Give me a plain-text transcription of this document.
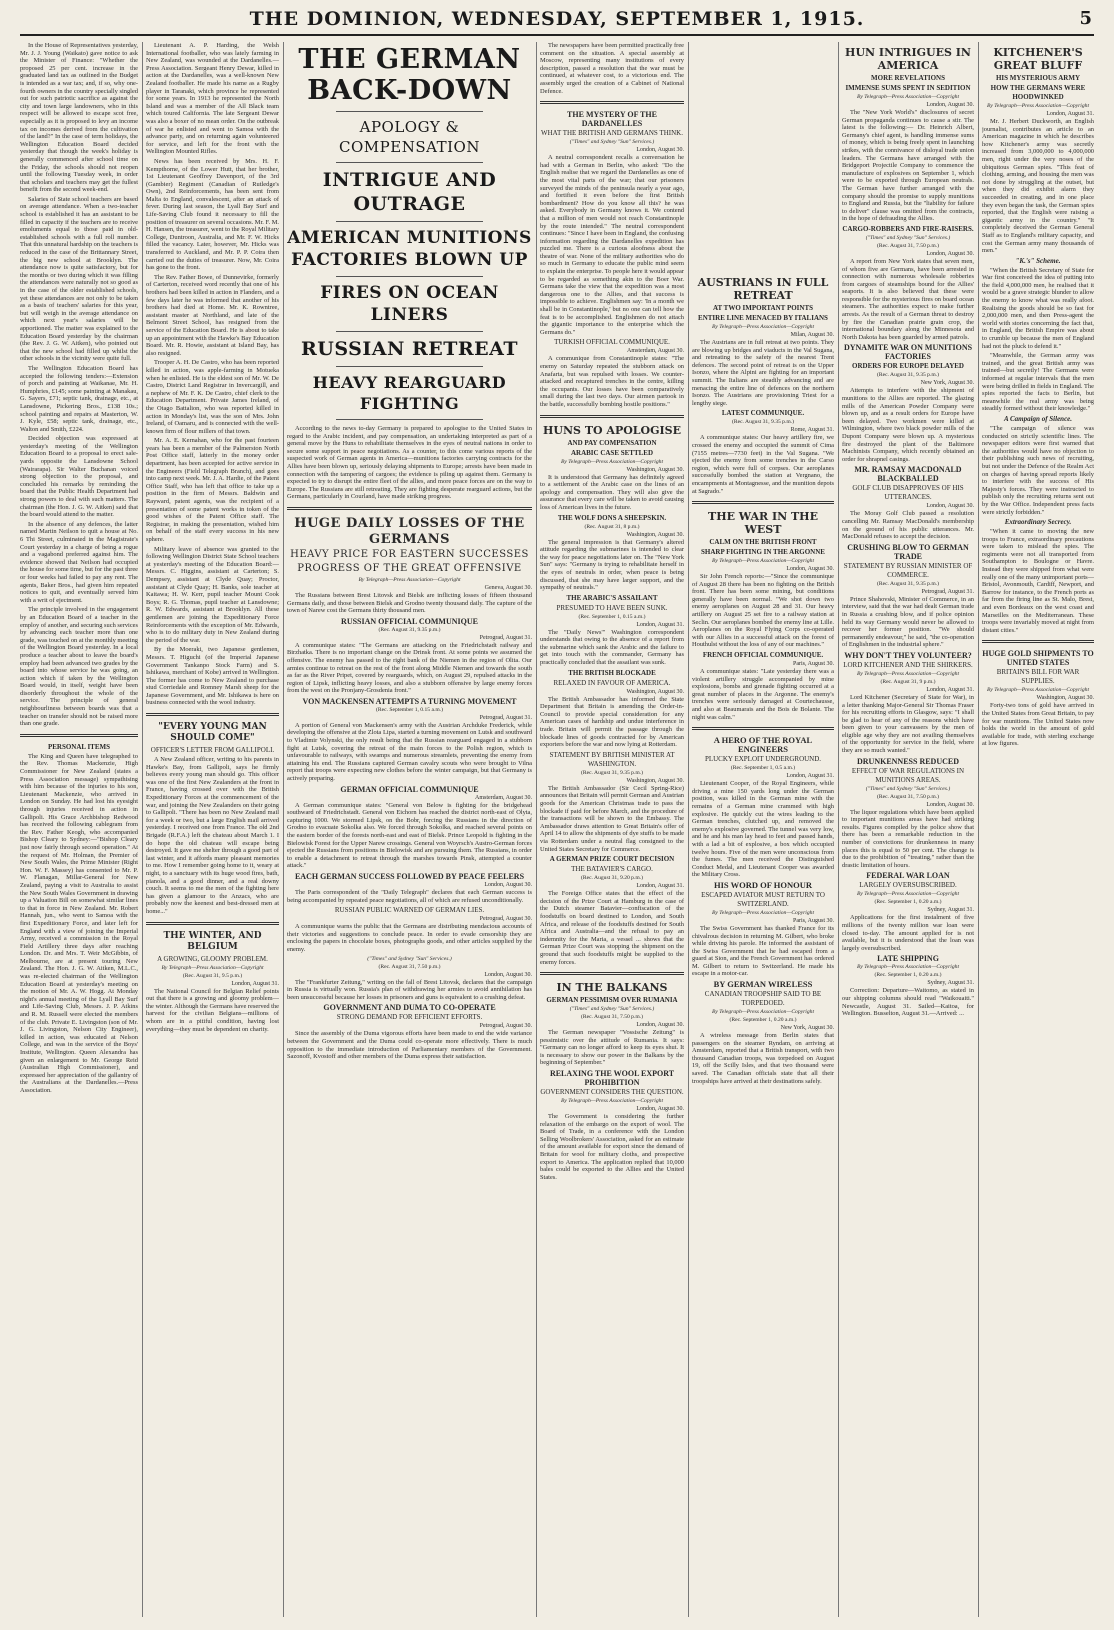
THE DOMINION, WEDNESDAY, SEPTEMBER 1, 1915.	5

In the House of Representatives yesterday, Mr. J. J. Young (Waikato) gave notice to ask the Minister of Finance: "Whether the proposed 25 per cent. increase in the graduated land tax as outlined in the Budget is intended as a war tax; and, if so, why one-fourth owners in the country specially singled out for such patriotic sacrifice as against the city and town large landowners, who in this respect will be allowed to escape scot free, especially as it is proposed to levy an income tax on incomes derived from the cultivation of the land?" In the case of term holidays, the Wellington Education Board decided yesterday that though the week's holiday is generally commenced after school time on the Friday, the schools should not reopen until the following Tuesday week, in order that scholars and teachers may get the fullest benefit from the second week-end.

Salaries of State school teachers are based on average attendance. When a two-teacher school is established it has an assistant to be filled in capacity if the teachers are to receive emoluments equal to those paid in old-established schools with a full roll number. That this unnatural hardship on the teachers is reduced in the case of the Brittannary Street, the big new school at Brooklyn. The attendance now is quite satisfactory, but for the months or two during which it was filling the attendances were naturally not so good as in the case of the older established schools, yet these attendances are not only to be taken as a basis of teachers' salaries for this year, but will weigh in the average attendance on which next year's salaries will be apportioned. The matter was explained to the Education Board yesterday by the chairman (the Rev. J. G. W. Aitken), who pointed out that the new school had filled up whilst the other schools in the vicinity were quite full.

The Wellington Education Board has accepted the following tenders:—Extension of porch and painting at Waikanae, Mr. H. Humphries, £145; some painting at Manakau, G. Sayers, £71; septic tank, drainage, etc., at Lansdowne, Pickering Bros., £138 10s.; school painting and repairs at Masterton, W. J. Kyle, £58; septic tank, drainage, etc., Walton and Smith, £224.

Decided objection was expressed at yesterday's meeting of the Wellington Education Board to a proposal to erect sale-yards opposite the Lansdowne School (Wairarapa). Sir Walter Buchanan voiced strong objection to the proposal, and concluded his remarks by reminding the board that the Public Health Department had strong powers to deal with such matters. The chairman (the Hon. J. G. W. Aitken) said that the board would attend to the matter.

In the absence of any defences, the latter named Martin Neilson to quit a house at No. 6 Thi Street, culminated in the Magistrate's Court yesterday in a charge of being a rogue and a vagabond preferred against him. The evidence showed that Neilson had occupied the house for some time, but for the past three or four weeks had failed to pay any rent. The agents, Baker Bros., had given him repeated notices to quit, and eventually served him with a writ of ejectment.

The principle involved in the engagement by an Education Board of a teacher in the employ of another, and securing such services by advancing each teacher more than one grade, was touched on at the monthly meeting of the Wellington Board yesterday. In a local produce a teacher about to leave the board's employ had been advanced two grades by the board into whose service he was going, an action which if taken by the Wellington Board would, in itself, weight have been disorderly throughout the whole of the service. The principle of general neighbourliness between boards was that a teacher on transfer should not be raised more than one grade.

PERSONAL ITEMS

The King and Queen have telegraphed to the Rev. Thomas Mackenzie, High Commissioner for New Zealand (states a Press Association message) sympathising with him because of the injuries to his son, Lieutenant Mackenzie, who arrived in London on Sunday. He had lost his eyesight through injuries received in action in Gallipoli. His Grace Archbishop Redwood has received the following cablegram from the Rev. Father Keogh, who accompanied Bishop Cleary to Sydney:—"Bishop Cleary just now fairly through second operation." At the request of Mr. Holman, the Premier of New South Wales, the Prime Minister (Right Hon. W. F. Massey) has consented to Mr. P. W. Flanagan, Millar-General for New Zealand, paying a visit to Australia to assist the New South Wales Government in drawing up a Valuation Bill on somewhat similar lines to that in force in New Zealand. Mr. Robert Hannah, jun., who went to Samoa with the first Expeditionary Force, and later left for England with a view of joining the Imperial Army, received a commission in the Royal Field Artillery three days after reaching London. Dr. and Mrs. T. Weir McGibbin, of Melbourne, are at present touring New Zealand. The Hon. J. G. W. Aitken, M.L.C., was re-elected chairman of the Wellington Education Board at yesterday's meeting on the motion of Mr. A. W. Hogg. At Monday night's annual meeting of the Lyall Bay Surf and Life-Saving Club, Messrs. J. P. Atkins and R. M. Russell were elected the members of the club. Private E. Livingston (son of Mr. J. G. Livingston, Nelson City Engineer), killed in action, was educated at Nelson College, and was in the service of the Boys' Institute, Wellington. Queen Alexandra has given an enlargement to Mr. George Reid (Australian High Commissioner), and expressed her appreciation of the gallantry of the Australians at the Dardanelles.—Press Association.

Lieutenant A. P. Harding, the Welsh International footballer, who was lately farming in New Zealand, was wounded at the Dardanelles.—Press Association. Sergeant Henry Dewar, killed in action at the Dardanelles, was a well-known New Zealand footballer. He made his name as a Rugby player in Taranaki, which province he represented for some years. In 1913 he represented the North Island and was a member of the All Black team which toured California. The late Sergeant Dewar was also a boxer of no mean order. On the outbreak of war he enlisted and went to Samoa with the advance party, and on returning again volunteered for service, and left for the front with the Wellington Mounted Rifles.

News has been received by Mrs. H. F. Kempthorne, of the Lower Hutt, that her brother, 1st Lieutenant Geoffrey Davenport, of the 3rd (Gambier) Regiment (Canadian of Rutledge's Own), 2nd Reinforcements, has been sent from Malta to England, convalescent, after an attack of fever. During last season, the Lyall Bay Surf and Life-Saving Club found it necessary to fill the position of treasurer on several occasions. Mr. F. M. H. Hansen, the treasurer, went to the Royal Military College, Duntroon, Australia, and Mr. F. W. Hicks filled the vacancy. Later, however, Mr. Hicks was transferred to Auckland, and Mr. P. P. Coira then carried out the duties of treasurer. Now, Mr. Coira has gone to the front.

The Rev. Father Bowe, of Dunnevirke, formerly of Carterton, received word recently that one of his brothers had been killed in action in Flanders, and a few days later he was informed that another of his brothers had died at Home. Mr. K. Rowntree, assistant master at Northland, and late of the Belmont Street School, has resigned from the service of the Education Board. He is about to take up an appointment with the Hawke's Bay Education Board. Mr. R. Howie, assistant at Island Bay, has also resigned.

Trooper A. H. De Castro, who has been reported killed in action, was apple-farming in Motueka when he enlisted. He is the eldest son of Mr. W. De Castro, District Land Registrar in Invercargill, and a nephew of Mr. F. K. De Castro, chief clerk to the Education Department. Private James Ireland, of the Otago Battalion, who was reported killed in action in Monday's list, was the son of Mrs. John Ireland, of Oamaru, and is connected with the well-known firm of flour millers of that town.

Mr. A. E. Kernahan, who for the past fourteen years has been a member of the Palmerston North Post Office staff, latterly in the money order department, has been accepted for active service in the Engineers (Field Telegraph Branch), and goes into camp next week. Mr. J. A. Hardie, of the Patent Office Staff, who has left that office to take up a position in the firm of Messrs. Baldwin and Rayward, patent agents, was the recipient of a presentation of some patent works in token of the good wishes of the Patent Office staff. The Registrar, in making the presentation, wished him on behalf of the staff every success in his new sphere.

Military leave of absence was granted to the following Wellington District State School teachers at yesterday's meeting of the Education Board:—Messrs. C. Higgins, assistant at Carterton; S. Dempsey, assistant at Clyde Quay; Proctor, assistant at Clyde Quay; H. Banks, sole teacher at Kaitawa; H. W. Kerr, pupil teacher Mount Cook Boys; R. G. Thomas, pupil teacher at Lansdowne; R. W. Edwards, assistant at Brooklyn. All these gentlemen are joining the Expeditionary Force Reinforcements with the exception of Mr. Edwards, who is to do military duty in New Zealand during the period of the war.

By the Moeraki, two Japanese gentlemen, Messrs. T. Higuchi (of the Imperial Japanese Government Tankanpo Stock Farm) and S. Ishikawa, merchant of Kobe) arrived in Wellington. The former has come to New Zealand to purchase stud Corriedale and Romney Marsh sheep for the Japanese Government, and Mr. Ishikawa is here on business connected with the wool industry.

"EVERY YOUNG MAN SHOULD COME"
OFFICER'S LETTER FROM GALLIPOLI.

A New Zealand officer, writing to his parents in Hawke's Bay, from Gallipoli, says he firmly believes every young man should go. This officer was one of the first New Zealanders at the front in France, having crossed over with the British Expeditionary Forces at the commencement of the war, and joining the New Zealanders on their going to Gallipoli. "There has been no New Zealand mail for a week or two, but a large English mail arrived yesterday. I received one from France. The old 2nd Brigade (R.F.A.) left the chateau about March 1. I do hope the old chateau will escape being destroyed. It gave me shelter through a good part of last winter, and it affords many pleasant memories to me. How I remember going home to it, weary at night, to a sanctuary with its huge wood fires, bath, pianola, and a good dinner, and a real downy couch. It seems to me the men of the fighting here has given a glamour to the Anzacs, who are probably now the keenest and best-dressed men at home..."

THE WINTER, AND BELGIUM
A GROWING, GLOOMY PROBLEM.
By Telegraph—Press Association—Copyright
(Rec. August 31, 9.5 p.m.)
London, August 31.

The National Council for Belgian Relief points out that there is a growing and gloomy problem—the winter. Although the Germans have reserved the harvest for the civilian Belgians—millions of whom are in a pitiful condition, having lost everything—they must be dependent on charity.

THE GERMAN BACK-DOWN
APOLOGY & COMPENSATION
INTRIGUE AND OUTRAGE
AMERICAN MUNITIONS FACTORIES BLOWN UP
FIRES ON OCEAN LINERS
RUSSIAN RETREAT
HEAVY REARGUARD FIGHTING

According to the news to-day Germany is prepared to apologise to the United States in regard to the Arabic incident, and pay compensation, an undertaking interpreted as part of a general move by the Huns to rehabilitate themselves in the eyes of neutral nations in order to secure some support in peace negotiations. As a counter, to this come various reports of the suspected work of German agents in America—munitions factories carrying contracts for the Allies have been blown up, seriously delaying shipments to Europe; arrests have been made in connection with the tampering of cargoes; the evidence is piling up against them. Germany is expected to try to disrupt the entire fleet of the allies, and more peace forces are on the way to Europe. The Russians are still retreating. They are fighting desperate rearguard actions, but the Germans, particularly in Courland, have made striking progress.

HUGE DAILY LOSSES OF THE GERMANS
HEAVY PRICE FOR EASTERN SUCCESSES
PROGRESS OF THE GREAT OFFENSIVE
By Telegraph—Press Association—Copyright
Geneva, August 30.

The Russians between Brest Litovsk and Bielsk are inflicting losses of fifteen thousand Germans daily, and those between Bielsk and Grodno twenty thousand daily. The capture of the town of Narew cost the Germans thirty thousand men.

RUSSIAN OFFICIAL COMMUNIQUE
(Rec. August 31, 9.35 p.m.)
Petrograd, August 31.

A communique states: "The Germans are attacking on the Friedrichstadt railway and Birzhatka. There is no important change on the Drinsk front. At some points we assumed the offensive. The enemy has passed to the right bank of the Niemen in the region of Olita. Our armies continue to retreat on the rest of the front along Middle Niemen and towards the south as far as the River Pripet, covered by rearguards, which, on August 29, repulsed attacks in the region of Lipsk, inflicting heavy losses, and also a stubborn offensive by large enemy forces from the west on the Pronjany-Grosdenia front."

VON MACKENSEN ATTEMPTS A TURNING MOVEMENT
(Rec. September 1, 0.15 a.m.)
Petrograd, August 31.

A portion of General von Mackensen's army with the Austrian Archduke Frederick, while developing the offensive at the Zlota Lipa, started a turning movement on Lutsk and southward to Vladimir Volynski, the only result being that the Russian rearguard engaged in a stubborn fight at Lutsk, covering the retreat of the main forces to the Polish region, which is unfavourable to railways, with swamps and numerous streamlets, preventing the enemy from attaining his end. The Russians captured German cavalry scouts who were brought to Vilna report that troops were expecting new clothes before the winter campaign, but that Germany is actively preparing.

GERMAN OFFICIAL COMMUNIQUE
Amsterdam, August 30.

A German communique states: "General von Below is fighting for the bridgehead southward of Friedrichstadt. General von Eichorn has reached the district north-east of Olyta, capturing 1000. We stormed Lipsk, on the Bobr, forcing the Russians in the direction of Grodno to evacuate Sokolka also. We forced through Sokolka, and reached several points on the eastern border of the forests north-east and east of Bielsk. Prince Leopold is fighting in the Bielowisk Forest for the Upper Narew crossings. General von Woyrsch's Austro-German forces ejected the Russians from positions in Bielowisk and are pursuing them. The Russians, in order to enable a detachment to retreat through the marshes towards Pinsk, attempted a counter attack."

EACH GERMAN SUCCESS FOLLOWED BY PEACE FEELERS
London, August 30.

The Paris correspondent of the "Daily Telegraph" declares that each German success is being accompanied by repeated peace negotiations, all of which are refused unconditionally.

RUSSIAN PUBLIC WARNED OF GERMAN LIES.
Petrograd, August 30.

A communique warns the public that the Germans are distributing mendacious accounts of their victories and suggestions to conclude peace. In order to evade censorship they are enclosing the papers in chocolate boxes, photographs goods, and other articles supplied by the enemy.

("Times" and Sydney "Sun" Services.)
(Rec. August 31, 7.50 p.m.)
London, August 30.

The "Frankfurter Zeitung," writing on the fall of Brest Litovsk, declares that the campaign in Russia is virtually won. Russia's plan of withdrawing her armies to avoid annihilation has been unsuccessful because her losses in prisoners and guns is equivalent to a crushing defeat.

GOVERNMENT AND DUMA TO CO-OPERATE
STRONG DEMAND FOR EFFICIENT EFFORTS.
Petrograd, August 30.

Since the assembly of the Duma vigorous efforts have been made to end the wide variance between the Government and the Duma could co-operate more effectively. There is much opposition to the immediate introduction of Parliamentary members of the Government. Sazonoff, Kvostoff and other members of the Duma express their satisfaction.

The newspapers have been permitted practically free comment on the situation. A special assembly at Moscow, representing many institutions of every description, passed a resolution that the war must be continued, at whatever cost, to a victorious end. The assembly urged the creation of a Cabinet of National Defence.

THE MYSTERY OF THE DARDANELLES
WHAT THE BRITISH AND GERMANS THINK.
("Times" and Sydney "Sun" Services.)
London, August 30.

A neutral correspondent recalls a conversation he had with a German in Berlin, who asked: "Do the English realise that we regard the Dardanelles as one of the most vital parts of the war; that our prisoners surveyed the minds of the peninsula nearly a year ago, and fortified it even before the first British bombardment? How do you know all this? he was asked. Everybody in Germany knows it. We contend that a million of men would not reach Constantinople by the route intended." The neutral correspondent continues: "Since I have been in England, the confusing information regarding the Dardanelles expedition has puzzled me. There is a curious aloofness about the theatre of war. None of the military authorities who do so much in Germany to educate the public mind seem to explain the enterprise. To people here it would appear to be regarded as something akin to the Boer War. Germans take the view that the expedition was a most dangerous one to the Allies, and that success is impossible to achieve. Englishmen say: 'In a month we shall be in Constantinople,' but no one can tell how the feat is to be accomplished. Englishmen do not attach the gigantic importance to the enterprise which the Germans do."

TURKISH OFFICIAL COMMUNIQUE.
Amsterdam, August 30.

A communique from Constantinople states: "The enemy on Saturday repeated the stubborn attack on Anafarta, but was repulsed with losses. We counter-attacked and recaptured trenches in the centre, killing the occupants. Our losses have been comparatively small during the last two days. Our airmen partook in the battle, successfully bombing hostile positions."

HUNS TO APOLOGISE
AND PAY COMPENSATION
ARABIC CASE SETTLED
By Telegraph—Press Association—Copyright
Washington, August 30.

It is understood that Germany has definitely agreed to a settlement of the Arabic case on the lines of an apology and compensation. They will also give the assurance that every care will be taken to avoid causing loss of American lives in the future.

THE WOLF DONS A SHEEPSKIN.
(Rec. August 31, 8 p.m.)
Washington, August 30.

The general impression is that Germany's altered attitude regarding the submarines is intended to clear the way for peace negotiations later on. The "New York Sun" says: "Germany is trying to rehabilitate herself in the eyes of neutrals in order, when peace is being discussed, that she may have larger support, and the sympathy of neutrals."

THE ARABIC'S ASSAILANT
PRESUMED TO HAVE BEEN SUNK.
(Rec. September 1, 0.15 a.m.)
London, August 31.

The "Daily News'" Washington correspondent understands that owing to the absence of a report from the submarine which sank the Arabic and the failure to get into touch with the commander, Germany has practically concluded that the assailant was sunk.

THE BRITISH BLOCKADE
RELAXED IN FAVOUR OF AMERICA.
Washington, August 30.

The British Ambassador has informed the State Department that Britain is amending the Order-in-Council to provide special consideration for any American cases of hardship and undue interference in trade. Britain will permit the passage through the blockade lines of goods contracted for by American exporters before the war and now lying at Rotterdam.

STATEMENT BY BRITISH MINISTER AT WASHINGTON.
(Rec. August 31, 9.35 p.m.)
Washington, August 30.

The British Ambassador (Sir Cecil Spring-Rice) announces that Britain will permit German and Austrian goods for the American Christmas trade to pass the blockade if paid for before March, and the procedure of the transactions will be shown to the Embassy. The Ambassador draws attention to Great Britain's offer of April 14 to allow the shipments of dye stuffs to be made via Rotterdam under a neutral flag consigned to the United States Secretary for Commerce.

A GERMAN PRIZE COURT DECISION
THE BATAVIER'S CARGO.
(Rec. August 31, 9.20 p.m.)
London, August 31.

The Foreign Office states that the effect of the decision of the Prize Court at Hamburg in the case of the Dutch steamer Batavier—confiscation of the foodstuffs on board destined to London, and South Africa, and release of the foodstuffs destined for South Africa and Australia—and the refusal to pay an indemnity for the Maria, a vessel ... shows that the German Prize Court was stopping the shipment on the ground that such foodstuffs might be supplied to the enemy forces.

IN THE BALKANS
GERMAN PESSIMISM OVER RUMANIA
("Times" and Sydney "Sun" Services.)
(Rec. August 31, 7.50 p.m.)
London, August 30.

The German newspaper "Vossische Zeitung" is pessimistic over the attitude of Rumania. It says: "Germany can no longer afford to keep its eyes shut. It is necessary to show our power in the Balkans by the beginning of September."

RELAXING THE WOOL EXPORT PROHIBITION
GOVERNMENT CONSIDERS THE QUESTION.
By Telegraph—Press Association—Copyright
London, August 30.

The Government is considering the further relaxation of the embargo on the export of wool. The Board of Trade, in a conference with the London Selling Woolbrokers' Association, asked for an estimate of the amount available for export since the demand of Britain for wool for military cloths, and prospective export to America. The application replied that 10,000 bales could be exported to the Allies and the United States.

AUSTRIANS IN FULL RETREAT
AT TWO IMPORTANT POINTS
ENTIRE LINE MENACED BY ITALIANS
By Telegraph—Press Association—Copyright
Milan, August 30.

The Austrians are in full retreat at two points. They are blowing up bridges and viaducts in the Val Sugana, and retreating to the safety of the nearest Trent defences. The second point of retreat is on the Upper Isonzo, where the Alpini are fighting for an important summit. The Italians are steadily advancing and are menacing the entire line of defences on the northern Isonzo. The Austrians are provisioning Triest for a lengthy siege.

LATEST COMMUNIQUE.
(Rec. August 31, 9.35 p.m.)
Rome, August 31.

A communique states: Our heavy artillery fire, we crossed the enemy and occupied the summit of Cima (7155 metres—7730 feet) in the Val Sugana. "We ejected the enemy from some trenches in the Carso region, which were full of corpses. Our aeroplanes successfully bombed the station at Vergnano, the encampments at Montagnesse, and the munition depots at Sagrado."

THE WAR IN THE WEST
CALM ON THE BRITISH FRONT
SHARP FIGHTING IN THE ARGONNE
By Telegraph—Press Association—Copyright
London, August 30.

Sir John French reports:—"Since the communique of August 28 there has been no fighting on the British front. There has been some mining, but conditions generally have been normal. "We shot down two enemy aeroplanes on August 28 and 31. Our heavy artillery on August 25 set fire to a railway station at Seclin. Our aeroplanes bombed the enemy line at Lille. Aeroplanes on the Royal Flying Corps co-operated with our Allies in a successful attack on the forest of Houthulst without the loss of any of our machines."

FRENCH OFFICIAL COMMUNIQUE.
Paris, August 30.

A communique states: "Late yesterday there was a violent artillery struggle accompanied by mine explosions, bombs and grenade fighting occurred at a great number of places in the Argonne. The enemy's trenches were seriously damaged at Courtechausse, and also at Beaumarais and the Bois de Bolante. The night was calm."

A HERO OF THE ROYAL ENGINEERS
PLUCKY EXPLOIT UNDERGROUND.
(Rec. September 1, 0.5 a.m.)
London, August 31.

Lieutenant Cooper, of the Royal Engineers, while driving a mine 150 yards long under the German position, was killed in the German mine with the remains of a German mine crammed with high explosive. He quickly cut the wires leading to the German trenches, clutched up, and removed the enemy's explosive governed. The tunnel was very low, and he and his man lay head to feet and passed hands, with a lad a bit of explosive, a box which occupied twelve hours. Five of the men were unconscious from the fumes. The men received the Distinguished Conduct Medal, and Lieutenant Cooper was awarded the Military Cross.

HIS WORD OF HONOUR
ESCAPED AVIATOR MUST RETURN TO SWITZERLAND.
By Telegraph—Press Association—Copyright
Paris, August 30.

The Swiss Government has thanked France for its chivalrous decision in returning M. Gilbert, who broke while driving his parole. He informed the assistant of the Swiss Government that he had escaped from a guard at Sion, and the French Government has ordered M. Gilbert to return to Switzerland. He made his escape in a motor-car.

BY GERMAN WIRELESS
CANADIAN TROOPSHIP SAID TO BE TORPEDOED.
By Telegraph—Press Association—Copyright
(Rec. September 1, 0.20 a.m.)
New York, August 30.

A wireless message from Berlin states that passengers on the steamer Ryndam, on arriving at Amsterdam, reported that a British transport, with two thousand Canadian troops, was torpedoed on August 19, off the Scilly Isles, and that two thousand were saved. The Canadian officials state that all their troopships have arrived at their destinations safely.

HUN INTRIGUES IN AMERICA
MORE REVELATIONS
IMMENSE SUMS SPENT IN SEDITION
By Telegraph—Press Association—Copyright
London, August 30.

The "New York World's" disclosures of secret German propaganda continues to cause a stir. The latest is the following:— Dr. Heinrich Albert, Germany's chief agent, is handling immense sums of money, which is being freely spent in launching strikes, with the connivance of disloyal trade union leaders. The Germans have arranged with the Bridgeport Projectile Company to commence the manufacture of explosives on September 1, which were to be exported through European neutrals. The German have further arranged with the company should the promise to supply munitions to England and Russia, but the "liability for failure to deliver" clause was omitted from the contracts, in the hope of defrauding the Allies.

CARGO-ROBBERS AND FIRE-RAISERS.
("Times" and Sydney "Sun" Services.)
(Rec. August 31, 7.50 p.m.)
London, August 30.

A report from New York states that seven men, of whom five are Germans, have been arrested in connection with numerous wholesale robberies from cargoes of steamships bound for the Allies' seaports. It is also believed that these were responsible for the mysterious fires on board ocean steamers. The authorities expect to make further arrests. As the result of a German threat to destroy by fire the Canadian prairie grain crop, the international boundary along the Minnesota and North Dakota has been guarded by armed patrols.

DYNAMITE WAR ON MUNITIONS FACTORIES
ORDERS FOR EUROPE DELAYED
(Rec. August 31, 9.35 p.m.)
New York, August 30.

Attempts to interfere with the shipment of munitions to the Allies are reported. The glazing mills of the American Powder Company were blown up, and as a result orders for Europe have been delayed. Two workmen were killed at Wilmington, where two black powder mills of the Dupont Company were blown up. A mysterious fire destroyed the plant of the Baltimore Machinists Company, which recently obtained an order for shrapnel casings.

MR. RAMSAY MACDONALD BLACKBALLED
GOLF CLUB DISAPPROVES OF HIS UTTERANCES.
London, August 30.

The Moray Golf Club passed a resolution cancelling Mr. Ramsay MacDonald's membership on the ground of his public utterances. Mr. MacDonald refuses to accept the decision.

CRUSHING BLOW TO GERMAN TRADE
STATEMENT BY RUSSIAN MINISTER OF COMMERCE.
(Rec. August 31, 9.35 p.m.)
Petrograd, August 31.

Prince Shahovski, Minister of Commerce, in an interview, said that the war had dealt German trade in Russia a crushing blow, and if police opinion held its way Germany would never be allowed to recover her former position. "We should permanently endeavour," he said, "the co-operation of Englishmen in the industrial sphere."

WHY DON'T THEY VOLUNTEER?
LORD KITCHENER AND THE SHIRKERS.
By Telegraph—Press Association—Copyright
(Rec. August 31, 9 p.m.)
London, August 31.

Lord Kitchener (Secretary of State for War), in a letter thanking Major-General Sir Thomas Fraser for his recruiting efforts in Glasgow, says: "I shall be glad to hear of any of the reasons which have been given to your canvassers by the men of eligible age why they are not availing themselves of the opportunity for service in the field, where they are so much wanted."

DRUNKENNESS REDUCED
EFFECT OF WAR REGULATIONS IN MUNITIONS AREAS.
("Times" and Sydney "Sun" Services.)
(Rec. August 31, 7.50 p.m.)
London, August 30.

The liquor regulations which have been applied to important munitions areas have had striking results. Figures compiled by the police show that there has been a remarkable reduction in the number of convictions for drunkenness in many places this is equal to 50 per cent. The change is due to the prohibition of "treating," rather than the drastic limitation of hours.

FEDERAL WAR LOAN
LARGELY OVERSUBSCRIBED.
By Telegraph—Press Association—Copyright
(Rec. September 1, 0.20 a.m.)
Sydney, August 31.

Applications for the first instalment of five millions of the twenty million war loan were closed to-day. The amount applied for is not available, but it is understood that the loan was largely oversubscribed.

LATE SHIPPING
By Telegraph—Press Association—Copyright
(Rec. September 1, 0.20 a.m.)
Sydney, August 31.

Correction: Departure—Waitomo, as stated in our shipping columns should read "Waikouaiti." Newcastle, August 31. Sailed—Kaitoa, for Wellington. Busselton, August 31.—Arrived: ...

KITCHENER'S GREAT BLUFF
HIS MYSTERIOUS ARMY
HOW THE GERMANS WERE HOODWINKED
By Telegraph—Press Association—Copyright
London, August 31.

Mr. J. Herbert Duckworth, an English journalist, contributes an article to an American magazine in which he describes how Kitchener's army was secretly increased from 3,000,000 to 4,000,000 men, right under the very noses of the ubiquitous German spies. "This feat of clothing, arming, and housing the men was not done by struggling at the outset, but when they did exhibit alarm they succeeded in creating, and in one place they even began the task, the German spies reported, that the English were raising a gigantic army in the country." "It completely deceived the German General Staff as to England's military capacity, and cost the German army many thousands of men."

"K.'s" Scheme.

"When the British Secretary of State for War first conceived the idea of putting into the field 4,000,000 men, he realised that it would be a grave strategic blunder to allow the enemy to know what was really afoot. Realising the goods should be so fast for 2,000,000 men, and then Press-agent the world with stories concerning the fact that, in England, the British Empire was about to crumble up because the men of England had not the pluck to defend it."

"Meanwhile, the German army was trained, and the great British army was trained—but secretly! The Germans were informed at regular intervals that the men were being drilled in fields in England. The spies reported the facts to Berlin, but meanwhile the real army was being steadily formed without their knowledge."

A Campaign of Silence.

"The campaign of silence was conducted on strictly scientific lines. The newspaper editors were first warned that the authorities would have no objection to their publishing such news of recruiting, but not under the Defence of the Realm Act on charges of having spread reports likely to interfere with the success of His Majesty's forces. They were instructed to publish only the recruiting returns sent out by the War Office. Independent press facts were strictly forbidden."

Extraordinary Secrecy.

"When it came to moving the new troops to France, extraordinary precautions were taken to mislead the spies. The regiments were not all transported from Southampton to Boulogne or Havre. Instead they were shipped from what were really one of the many unimportant ports—Bristol, Avonmouth, Cardiff, Newport, and Barrow for instance, to the French ports as far from the firing line as St. Malo, Brest, and even Bordeaux on the west coast and Marseilles on the Mediterranean. These troops were invariably moved at night from distant cities."

HUGE GOLD SHIPMENTS TO UNITED STATES
BRITAIN'S BILL FOR WAR SUPPLIES.
By Telegraph—Press Association—Copyright
Washington, August 30.

Forty-two tons of gold have arrived in the United States from Great Britain, to pay for war munitions. The United States now holds the world in the amount of gold available for trade, with sterling exchange at low figures.
